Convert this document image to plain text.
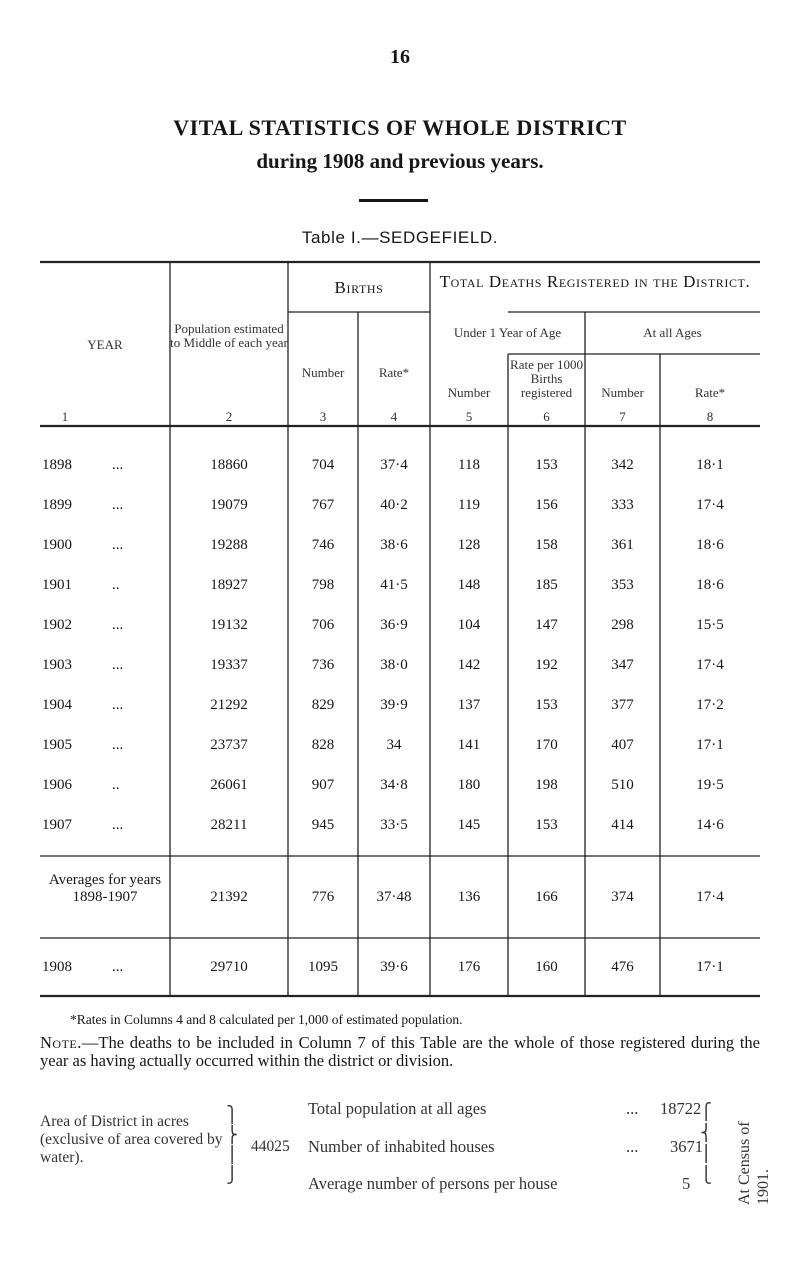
16
VITAL STATISTICS OF WHOLE DISTRICT
during 1908 and previous years.
Table I.—SEDGEFIELD.
YEAR
Population estimated to Middle of each year
Births	Total Deaths Registered in the District.
Under 1 Year of Age	At all Ages
Number	Rate*
Number
Rate per 1000 Births registered	Number	Rate*
1	2	3	4	5	6	7	8
1898	...	18860	704	37·4	118	153	342	18·1
1899	...	19079	767	40·2	119	156	333	17·4
1900	...	19288	746	38·6	128	158	361	18·6
1901	..	18927	798	41·5	148	185	353	18·6
1902	...	19132	706	36·9	104	147	298	15·5
1903	...	19337	736	38·0	142	192	347	17·4
1904	...	21292	829	39·9	137	153	377	17·2
1905	...	23737	828	34	141	170	407	17·1
1906	..	26061	907	34·8	180	198	510	19·5
1907	...	28211	945	33·5	145	153	414	14·6
Averages for years 1898-1907	21392	776	37·48	136	166	374	17·4
1908	...	29710	1095	39·6	176	160	476	17·1
*Rates in Columns 4 and 8 calculated per 1,000 of estimated population.
Note.—The deaths to be included in Column 7 of this Table are the whole of those registered during the year as having actually occurred within the district or division.
Area of District in acres (exclusive of area covered by water).
⎫
⎬
⎪
⎭
44025
Total population at all ages	... 18722
Number of inhabited houses	... 3671
Average number of persons per house	5
⎧
⎨
⎪
⎩ At Census of 1901.
